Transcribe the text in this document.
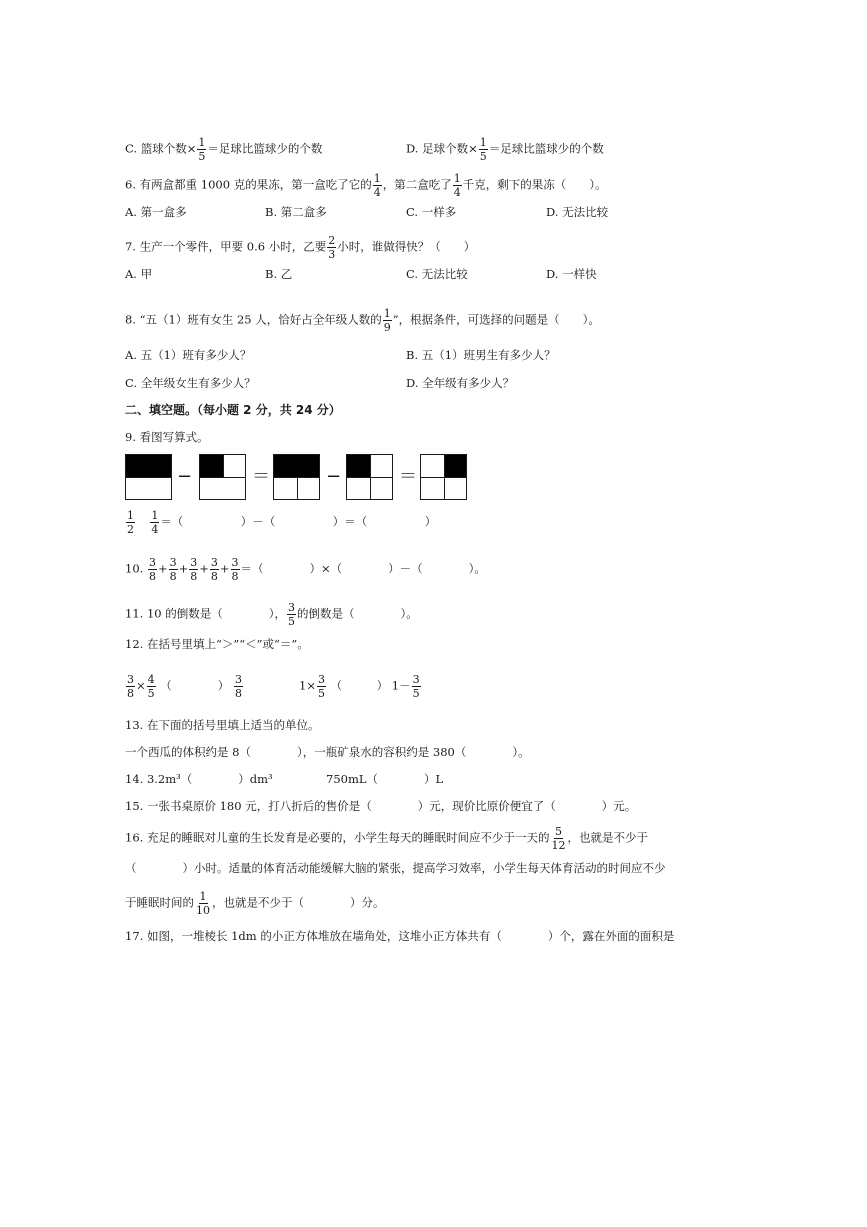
C. 篮球个数× $\frac{1}{5}$ ＝足球比篮球少的个数	D. 足球个数× $\frac{1}{5}$ ＝足球比篮球少的个数
6. 有两盒都重 1000 克的果冻，第一盒吃了它的 $\frac{1}{4}$ ，第二盒吃了 $\frac{1}{4}$ 千克，剩下的果冻（　　）。
A. 第一盒多	B. 第二盒多	C. 一样多	D. 无法比较
7. 生产一个零件，甲要 0.6 小时，乙要 $\frac{2}{3}$ 小时，谁做得快？（　　）
A. 甲	B. 乙	C. 无法比较	D. 一样快
8. “五（1）班有女生 25 人，恰好占全年级人数的 $\frac{1}{9}$ ”，根据条件，可选择的问题是（　　）。
A. 五（1）班有多少人？	B. 五（1）班男生有多少人？
C. 全年级女生有多少人？	D. 全年级有多少人？
二、填空题。（每小题 2 分，共 24 分）
9. 看图写算式。
−	＝	−	＝
$\frac{1}{2}$
$\frac{1}{4}$ ＝（　　　　　）－（　　　　　）＝（　　　　　）
10. $\frac{3}{8} + \frac{3}{8} + \frac{3}{8} + \frac{3}{8} + \frac{3}{8}$ ＝（　　　　）×（　　　　）－（　　　　）。
11. 10 的倒数是（　　　　）， $\frac{3}{5}$ 的倒数是（　　　　）。
12. 在括号里填上“＞”“＜”或“＝”。
$\frac{3}{8} \times \frac{4}{5}$ （　　　　） $\frac{3}{8}$	$1\times \frac{3}{5}$ （　　　） $1- \frac{3}{5}$
13. 在下面的括号里填上适当的单位。
一个西瓜的体积约是 8（　　　　），一瓶矿泉水的容积约是 380（　　　　）。
14. 3.2m³（　　　　）dm³	750mL（　　　　）L
15. 一张书桌原价 180 元，打八折后的售价是（　　　　）元，现价比原价便宜了（　　　　）元。
16. 充足的睡眠对儿童的生长发育是必要的，小学生每天的睡眠时间应不少于一天的 $\frac{5}{12}$ ，也就是不少于
（　　　　）小时。适量的体育活动能缓解大脑的紧张，提高学习效率，小学生每天体育活动的时间应不少
于睡眠时间的 $\frac{1}{10}$ ，也就是不少于（　　　　）分。
17. 如图，一堆棱长 1dm 的小正方体堆放在墙角处，这堆小正方体共有（　　　　）个，露在外面的面积是
